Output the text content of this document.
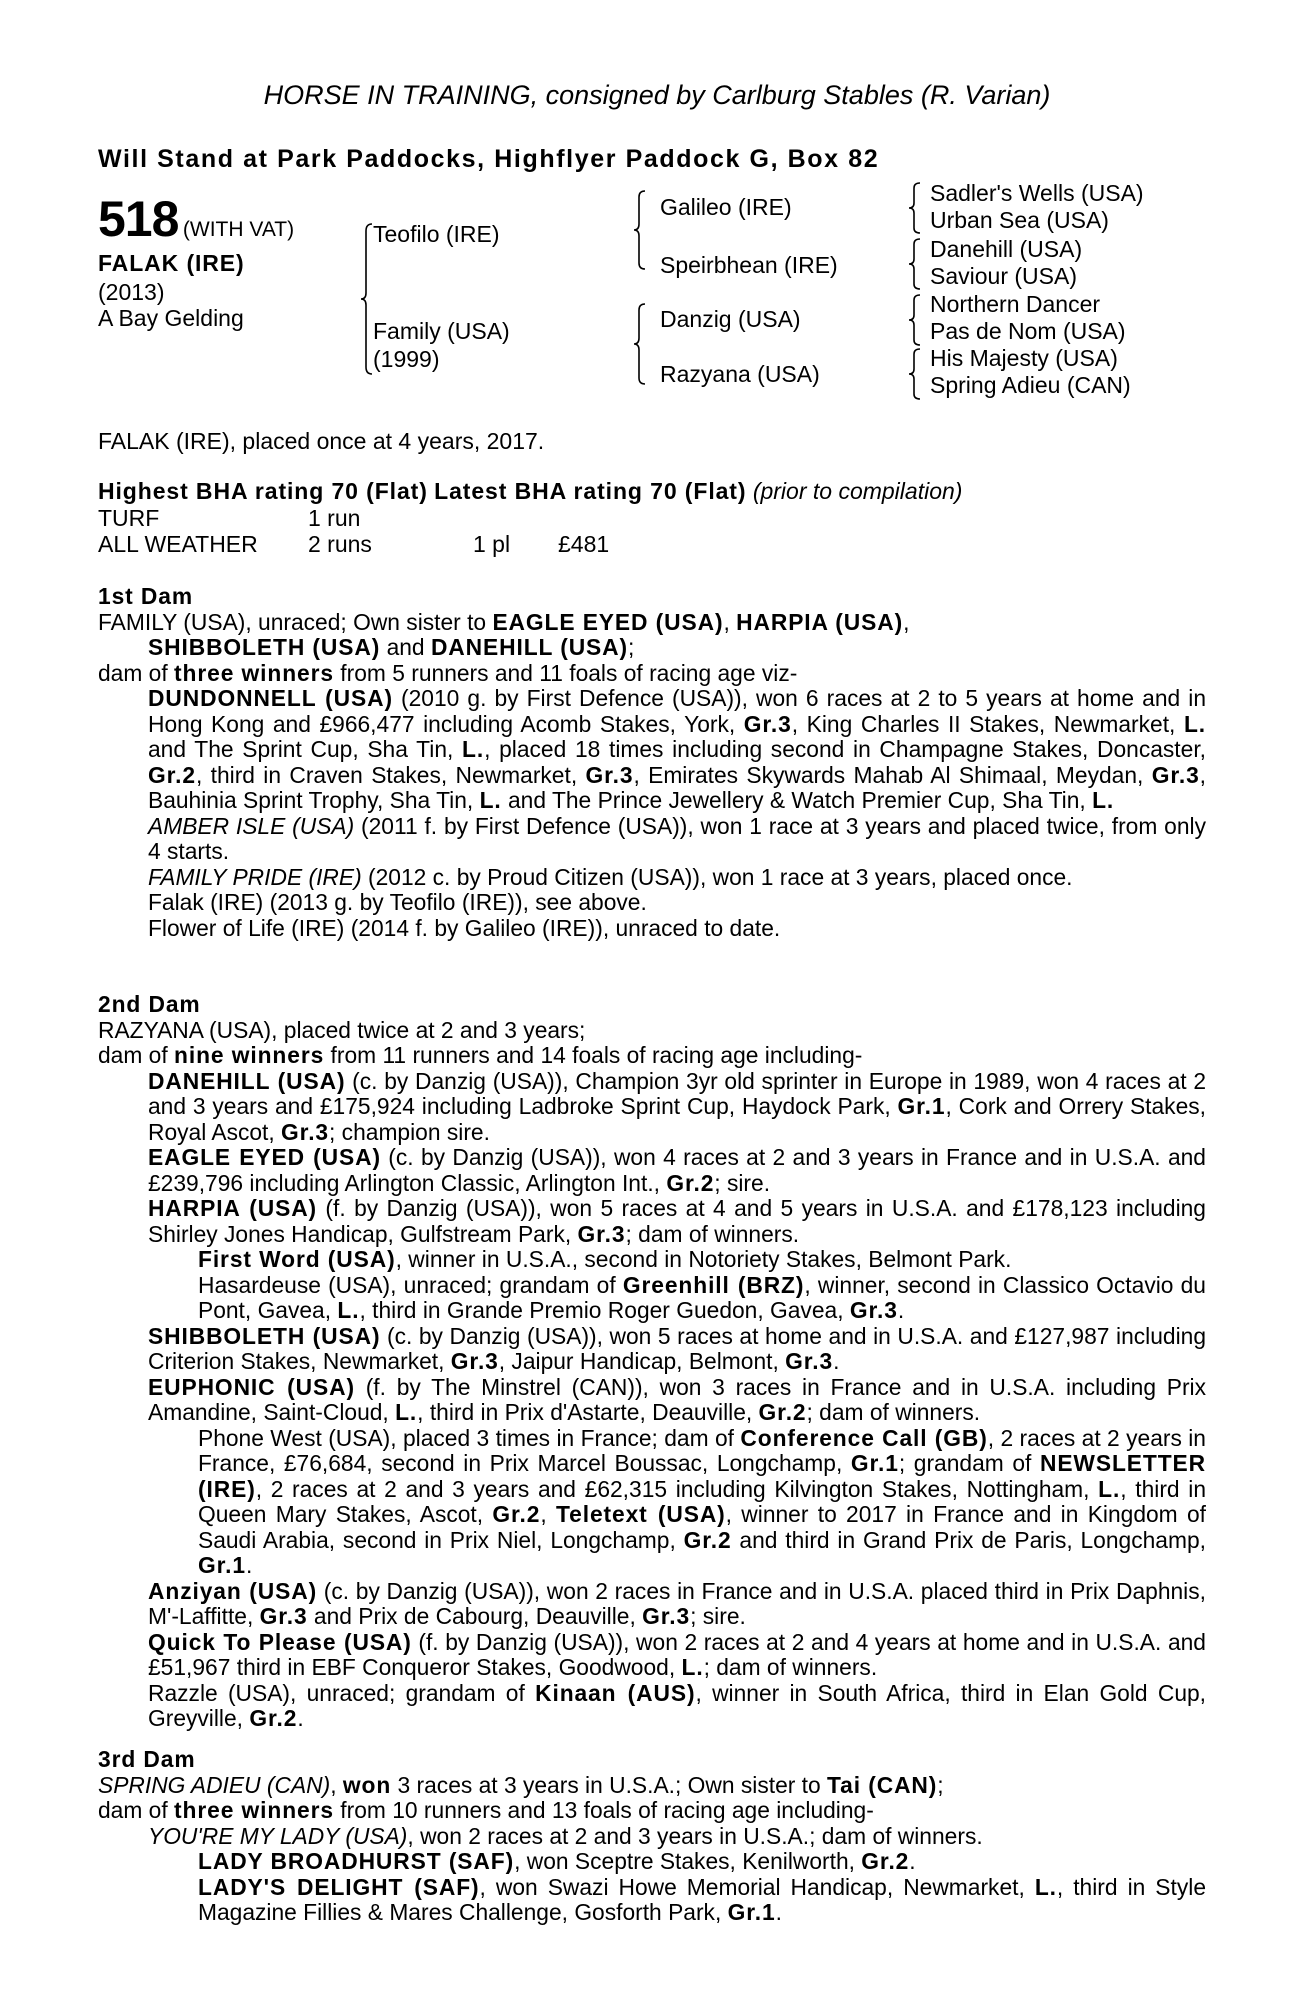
HORSE IN TRAINING, consigned by Carlburg Stables (R. Varian)
Will Stand at Park Paddocks, Highflyer Paddock G, Box 82
518 (WITH VAT)
FALAK (IRE)
(2013)
A Bay Gelding
Teofilo (IRE)
Family (USA)
(1999)
Galileo (IRE)
Speirbhean (IRE)
Danzig (USA)
Razyana (USA)
Sadler's Wells (USA)
Urban Sea (USA)
Danehill (USA)
Saviour (USA)
Northern Dancer
Pas de Nom (USA)
His Majesty (USA)
Spring Adieu (CAN)
FALAK (IRE), placed once at 4 years, 2017.
Highest BHA rating 70 (Flat) Latest BHA rating 70 (Flat) (prior to compilation)
TURF	1 run
ALL WEATHER 2 runs	1 pl £481

1st Dam

FAMILY (USA), unraced; Own sister to EAGLE EYED (USA), HARPIA (USA),

SHIBBOLETH (USA) and DANEHILL (USA);

dam of three winners from 5 runners and 11 foals of racing age viz-

DUNDONNELL (USA) (2010 g. by First Defence (USA)), won 6 races at 2 to 5 years at home and in Hong Kong and £966,477 including Acomb Stakes, York, Gr.3, King Charles II Stakes, Newmarket, L. and The Sprint Cup, Sha Tin, L., placed 18 times including second in Champagne Stakes, Doncaster, Gr.2, third in Craven Stakes, Newmarket, Gr.3, Emirates Skywards Mahab Al Shimaal, Meydan, Gr.3, Bauhinia Sprint Trophy, Sha Tin, L. and The Prince Jewellery & Watch Premier Cup, Sha Tin, L.
AMBER ISLE (USA) (2011 f. by First Defence (USA)), won 1 race at 3 years and placed twice, from only 4 starts.
FAMILY PRIDE (IRE) (2012 c. by Proud Citizen (USA)), won 1 race at 3 years, placed once.

Falak (IRE) (2013 g. by Teofilo (IRE)), see above.

Flower of Life (IRE) (2014 f. by Galileo (IRE)), unraced to date.

2nd Dam

RAZYANA (USA), placed twice at 2 and 3 years;

dam of nine winners from 11 runners and 14 foals of racing age including-

DANEHILL (USA) (c. by Danzig (USA)), Champion 3yr old sprinter in Europe in 1989, won 4 races at 2 and 3 years and £175,924 including Ladbroke Sprint Cup, Haydock Park, Gr.1, Cork and Orrery Stakes, Royal Ascot, Gr.3; champion sire.
EAGLE EYED (USA) (c. by Danzig (USA)), won 4 races at 2 and 3 years in France and in U.S.A. and £239,796 including Arlington Classic, Arlington Int., Gr.2; sire.
HARPIA (USA) (f. by Danzig (USA)), won 5 races at 4 and 5 years in U.S.A. and £178,123 including Shirley Jones Handicap, Gulfstream Park, Gr.3; dam of winners.

First Word (USA), winner in U.S.A., second in Notoriety Stakes, Belmont Park.

Hasardeuse (USA), unraced; grandam of Greenhill (BRZ), winner, second in Classico Octavio du Pont, Gavea, L., third in Grande Premio Roger Guedon, Gavea, Gr.3.
SHIBBOLETH (USA) (c. by Danzig (USA)), won 5 races at home and in U.S.A. and £127,987 including Criterion Stakes, Newmarket, Gr.3, Jaipur Handicap, Belmont, Gr.3.
EUPHONIC (USA) (f. by The Minstrel (CAN)), won 3 races in France and in U.S.A. including Prix Amandine, Saint-Cloud, L., third in Prix d'Astarte, Deauville, Gr.2; dam of winners.
Phone West (USA), placed 3 times in France; dam of Conference Call (GB), 2 races at 2 years in France, £76,684, second in Prix Marcel Boussac, Longchamp, Gr.1; grandam of NEWSLETTER (IRE), 2 races at 2 and 3 years and £62,315 including Kilvington Stakes, Nottingham, L., third in Queen Mary Stakes, Ascot, Gr.2, Teletext (USA), winner to 2017 in France and in Kingdom of Saudi Arabia, second in Prix Niel, Longchamp, Gr.2 and third in Grand Prix de Paris, Longchamp, Gr.1.
Anziyan (USA) (c. by Danzig (USA)), won 2 races in France and in U.S.A. placed third in Prix Daphnis, M'-Laffitte, Gr.3 and Prix de Cabourg, Deauville, Gr.3; sire.
Quick To Please (USA) (f. by Danzig (USA)), won 2 races at 2 and 4 years at home and in U.S.A. and £51,967 third in EBF Conqueror Stakes, Goodwood, L.; dam of winners.
Razzle (USA), unraced; grandam of Kinaan (AUS), winner in South Africa, third in Elan Gold Cup, Greyville, Gr.2.

3rd Dam

SPRING ADIEU (CAN), won 3 races at 3 years in U.S.A.; Own sister to Tai (CAN);

dam of three winners from 10 runners and 13 foals of racing age including-

YOU'RE MY LADY (USA), won 2 races at 2 and 3 years in U.S.A.; dam of winners.

LADY BROADHURST (SAF), won Sceptre Stakes, Kenilworth, Gr.2.

LADY'S DELIGHT (SAF), won Swazi Howe Memorial Handicap, Newmarket, L., third in Style Magazine Fillies & Mares Challenge, Gosforth Park, Gr.1.
